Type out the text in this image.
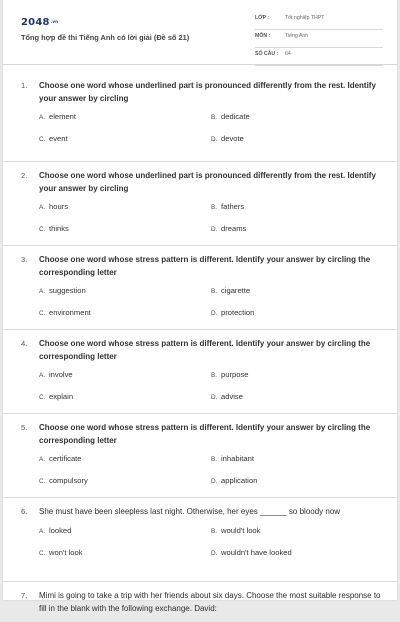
$2048^{.vn}$
Tổng hợp đề thi Tiếng Anh có lời giải (Đề số 21)
LỚP :	Tốt nghiệp THPT
MÔN :	Tiếng Anh
SỐ CÂU :	64
1. Choose one word whose underlined part is pronounced differently from the rest. Identify your answer by circling
A. element	B. dedicate
C. event	D. devote
2. Choose one word whose underlined part is pronounced differently from the rest. Identify your answer by circling
A. hours	B. fathers
C. thinks	D. dreams
3. Choose one word whose stress pattern is different. Identify your answer by circling the corresponding letter
A. suggestion	B. cigarette
C. environment	D. protection
4. Choose one word whose stress pattern is different. Identify your answer by circling the corresponding letter
A. involve	B. purpose
C. explain	D. advise
5. Choose one word whose stress pattern is different. Identify your answer by circling the corresponding letter
A. certificate	B. inhabitant
C. compulsory	D. application
6. She must have been sleepless last night. Otherwise, her eyes ______ so bloody now
A. looked	B. would't look
C. won't look	D. wouldn't have looked
7. Mimi is going to take a trip with her friends about six days. Choose the most suitable response to fill in the blank with the following exchange. David:
